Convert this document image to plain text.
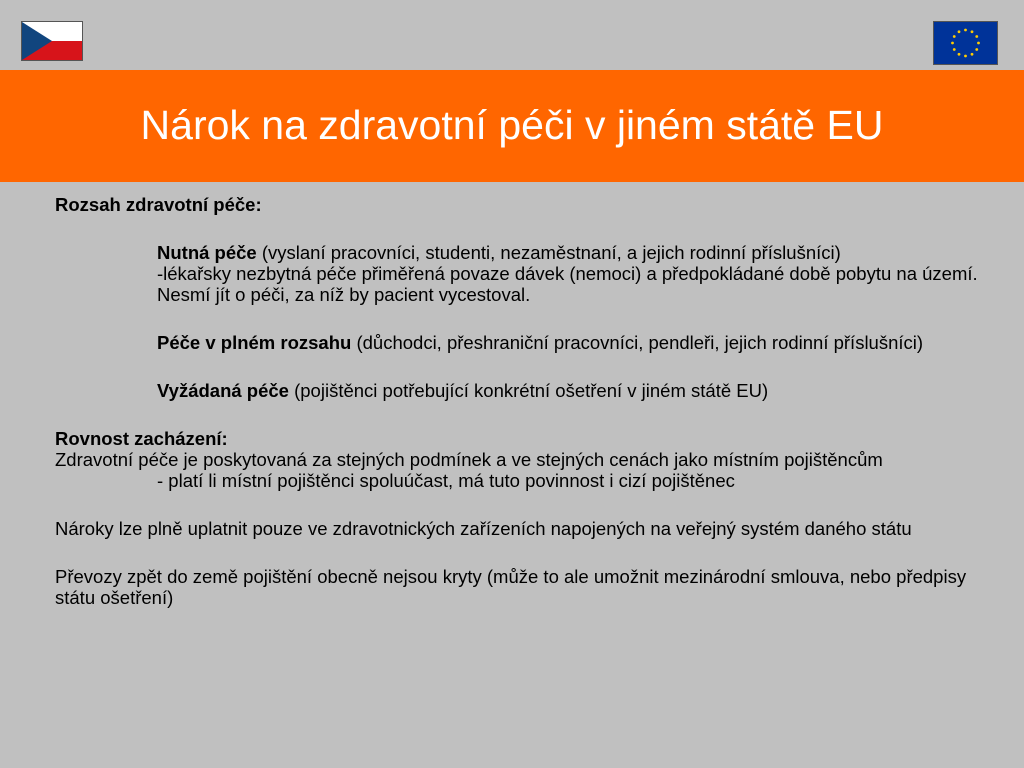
Nárok na zdravotní péči v jiném státě EU

Rozsah zdravotní péče:

Nutná péče (vyslaní pracovníci, studenti, nezaměstnaní, a jejich rodinní příslušníci)

-lékařsky nezbytná péče přiměřená povaze dávek (nemoci) a předpokládané době pobytu na území. Nesmí jít o péči, za níž by pacient vycestoval.

Péče v plném rozsahu (důchodci, přeshraniční pracovníci, pendleři, jejich rodinní příslušníci)

Vyžádaná péče (pojištěnci potřebující konkrétní ošetření v jiném státě EU)

Rovnost zacházení:

Zdravotní péče je poskytovaná za stejných podmínek a ve stejných cenách jako místním pojištěncům

- platí li místní pojištěnci spoluúčast, má tuto povinnost i cizí pojištěnec

Nároky lze plně uplatnit pouze ve zdravotnických zařízeních napojených na veřejný systém daného státu

Převozy zpět do země pojištění obecně nejsou kryty (může to ale umožnit mezinárodní smlouva, nebo předpisy státu ošetření)
